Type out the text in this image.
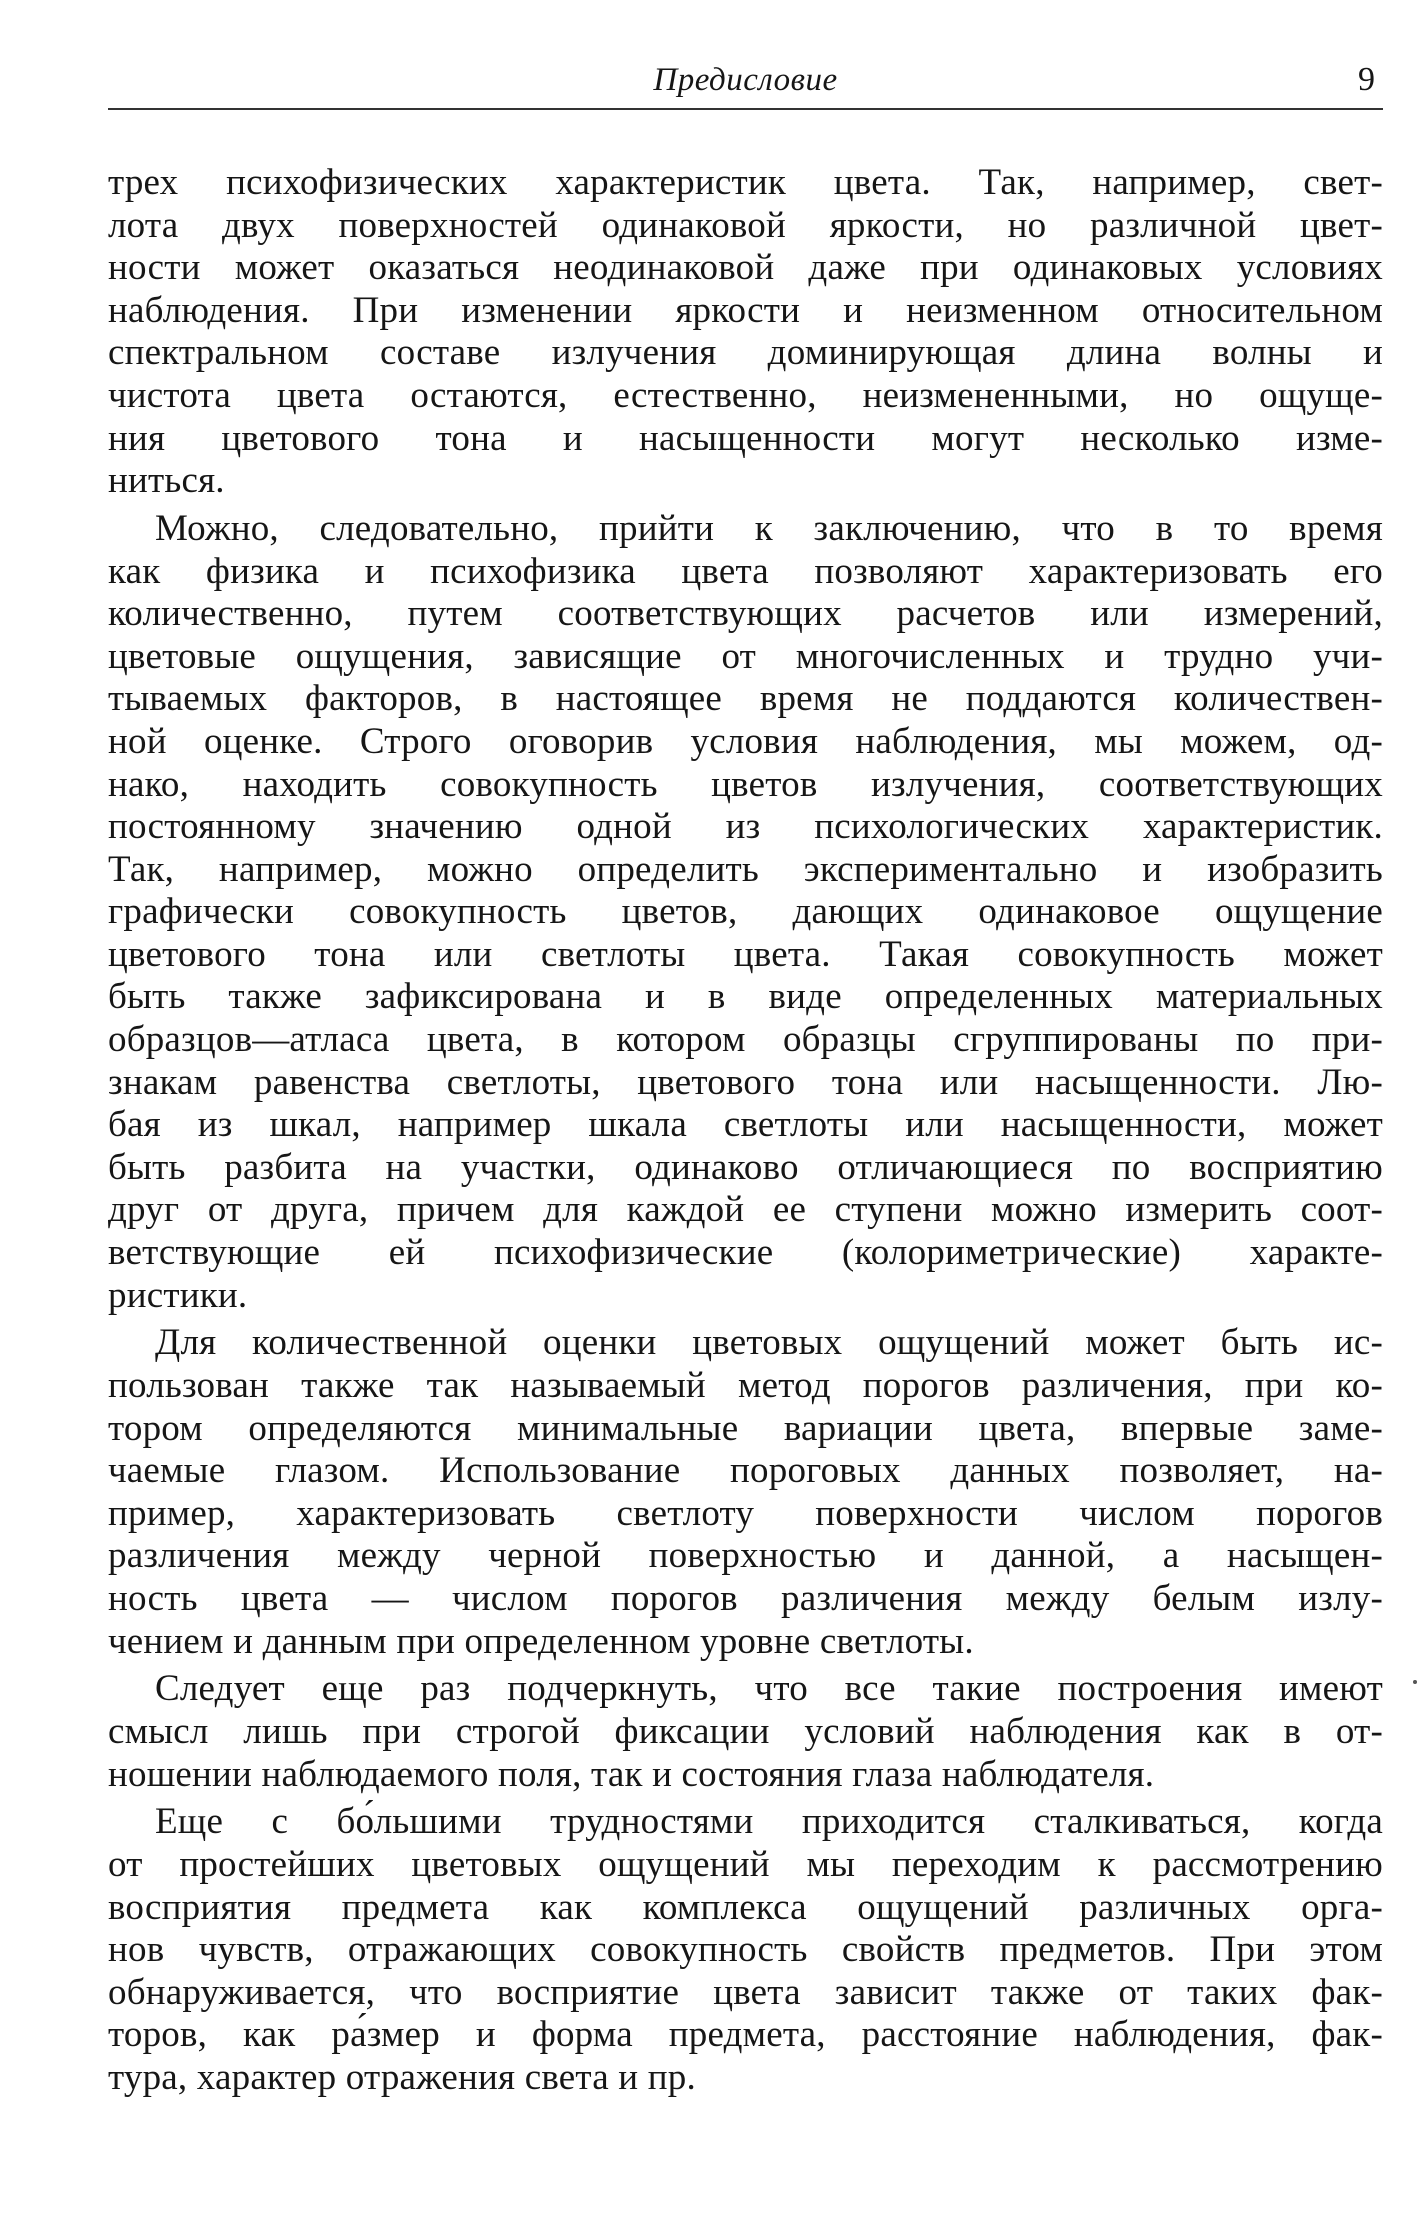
Предисловие	9
трех психофизических характеристик цвета. Так, например, свет-
лота двух поверхностей одинаковой яркости, но различной цвет-
ности может оказаться неодинаковой даже при одинаковых условиях
наблюдения. При изменении яркости и неизменном относительном
спектральном составе излучения доминирующая длина волны и
чистота цвета остаются, естественно, неизмененными, но ощуще-
ния цветового тона и насыщенности могут несколько изме-
ниться.
Можно, следовательно, прийти к заключению, что в то время
как физика и психофизика цвета позволяют характеризовать его
количественно, путем соответствующих расчетов или измерений,
цветовые ощущения, зависящие от многочисленных и трудно учи-
тываемых факторов, в настоящее время не поддаются количествен-
ной оценке. Строго оговорив условия наблюдения, мы можем, од-
нако, находить совокупность цветов излучения, соответствующих
постоянному значению одной из психологических характеристик.
Так, например, можно определить экспериментально и изобразить
графически совокупность цветов, дающих одинаковое ощущение
цветового тона или светлоты цвета. Такая совокупность может
быть также зафиксирована и в виде определенных материальных
образцов—атласа цвета, в котором образцы сгруппированы по при-
знакам равенства светлоты, цветового тона или насыщенности. Лю-
бая из шкал, например шкала светлоты или насыщенности, может
быть разбита на участки, одинаково отличающиеся по восприятию
друг от друга, причем для каждой ее ступени можно измерить соот-
ветствующие ей психофизические (колориметрические) характе-
ристики.
Для количественной оценки цветовых ощущений может быть ис-
пользован также так называемый метод порогов различения, при ко-
тором определяются минимальные вариации цвета, впервые заме-
чаемые глазом. Использование пороговых данных позволяет, на-
пример, характеризовать светлоту поверхности числом порогов
различения между черной поверхностью и данной, а насыщен-
ность цвета — числом порогов различения между белым излу-
чением и данным при определенном уровне светлоты.
Следует еще раз подчеркнуть, что все такие построения имеют
смысл лишь при строгой фиксации условий наблюдения как в от-
ношении наблюдаемого поля, так и состояния глаза наблюдателя.
Еще с бо́льшими трудностями приходится сталкиваться, когда
от простейших цветовых ощущений мы переходим к рассмотрению
восприятия предмета как комплекса ощущений различных орга-
нов чувств, отражающих совокупность свойств предметов. При этом
обнаруживается, что восприятие цвета зависит также от таких фак-
торов, как ра́змер и форма предмета, расстояние наблюдения, фак-
тура, характер отражения света и пр.
